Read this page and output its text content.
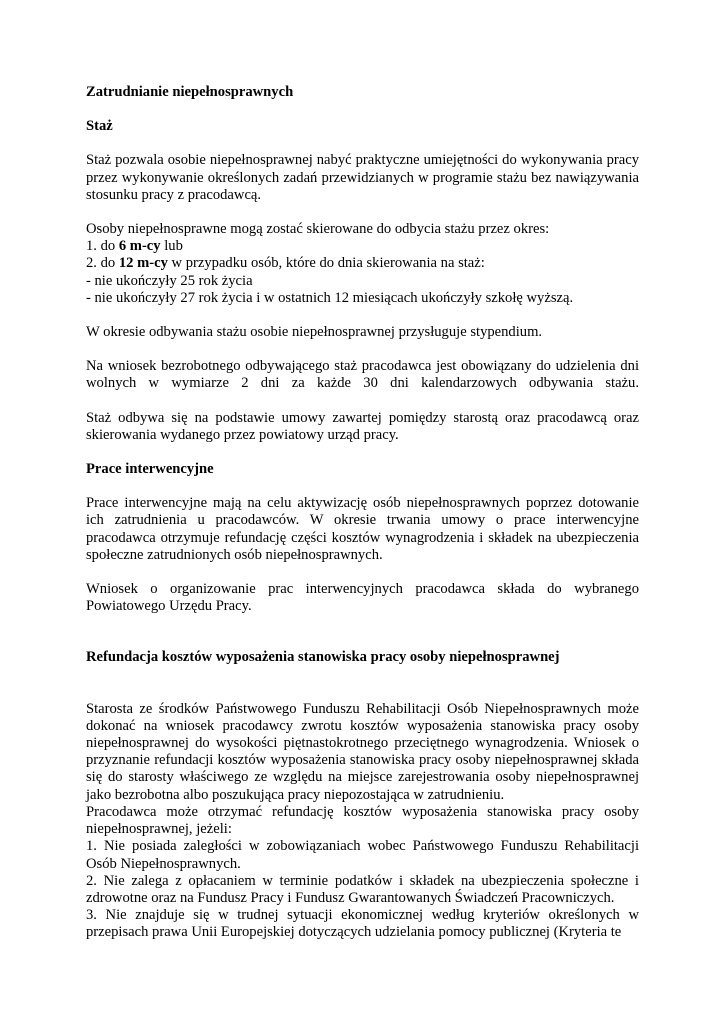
Zatrudnianie niepełnosprawnych

Staż

Staż pozwala osobie niepełnosprawnej nabyć praktyczne umiejętności do wykonywania pracy przez wykonywanie określonych zadań przewidzianych w programie stażu bez nawiązywania stosunku pracy z pracodawcą.

Osoby niepełnosprawne mogą zostać skierowane do odbycia stażu przez okres:
1. do 6 m-cy lub
2. do 12 m-cy w przypadku osób, które do dnia skierowania na staż:
- nie ukończyły 25 rok życia
- nie ukończyły 27 rok życia i w ostatnich 12 miesiącach ukończyły szkołę wyższą.

W okresie odbywania stażu osobie niepełnosprawnej przysługuje stypendium.

Na wniosek bezrobotnego odbywającego staż pracodawca jest obowiązany do udzielenia dni wolnych w wymiarze 2 dni za każde 30 dni kalendarzowych odbywania stażu.

Staż odbywa się na podstawie umowy zawartej pomiędzy starostą oraz pracodawcą oraz skierowania wydanego przez powiatowy urząd pracy.

Prace interwencyjne

Prace interwencyjne mają na celu aktywizację osób niepełnosprawnych poprzez dotowanie ich zatrudnienia u pracodawców. W okresie trwania umowy o prace interwencyjne pracodawca otrzymuje refundację części kosztów wynagrodzenia i składek na ubezpieczenia społeczne zatrudnionych osób niepełnosprawnych.

Wniosek o organizowanie prac interwencyjnych pracodawca składa do wybranego Powiatowego Urzędu Pracy.

Refundacja kosztów wyposażenia stanowiska pracy osoby niepełnosprawnej

Starosta ze środków Państwowego Funduszu Rehabilitacji Osób Niepełnosprawnych może dokonać na wniosek pracodawcy zwrotu kosztów wyposażenia stanowiska pracy osoby niepełnosprawnej do wysokości piętnastokrotnego przeciętnego wynagrodzenia. Wniosek o przyznanie refundacji kosztów wyposażenia stanowiska pracy osoby niepełnosprawnej składa się do starosty właściwego ze względu na miejsce zarejestrowania osoby niepełnosprawnej jako bezrobotna albo poszukująca pracy niepozostająca w zatrudnieniu.

Pracodawca może otrzymać refundację kosztów wyposażenia stanowiska pracy osoby niepełnosprawnej, jeżeli:

1. Nie posiada zaległości w zobowiązaniach wobec Państwowego Funduszu Rehabilitacji Osób Niepełnosprawnych.

2. Nie zalega z opłacaniem w terminie podatków i składek na ubezpieczenia społeczne i zdrowotne oraz na Fundusz Pracy i Fundusz Gwarantowanych Świadczeń Pracowniczych.

3. Nie znajduje się w trudnej sytuacji ekonomicznej według kryteriów określonych w przepisach prawa Unii Europejskiej dotyczących udzielania pomocy publicznej (Kryteria te
